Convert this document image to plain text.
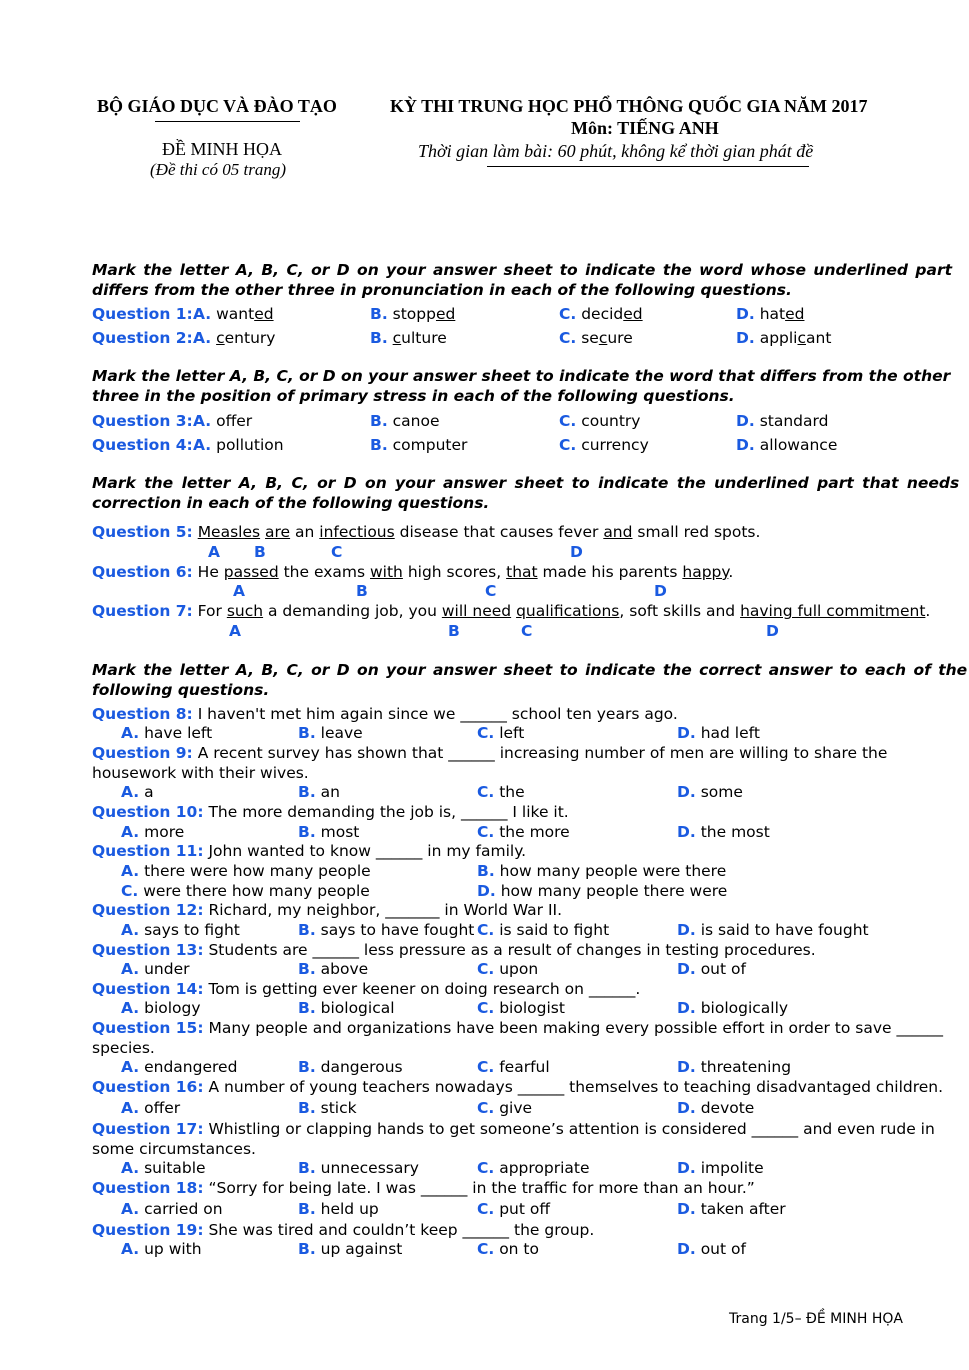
BỘ GIÁO DỤC VÀ ĐÀO TẠO	KỲ THI TRUNG HỌC PHỔ THÔNG QUỐC GIA NĂM 2017
Môn: TIẾNG ANH
ĐỀ MINH HỌA	Thời gian làm bài: 60 phút, không kể thời gian phát đề
(Đề thi có 05 trang)
Mark the letter A, B, C, or D on your answer sheet to indicate the word whose underlined part
differs from the other three in pronunciation in each of the following questions.
Question 1: A. wanted	B. stopped	C. decided	D. hated
Question 2: A. century	B. culture	C. secure	D. applicant
Mark the letter A, B, C, or D on your answer sheet to indicate the word that differs from the other
three in the position of primary stress in each of the following questions.
Question 3: A. offer	B. canoe	C. country	D. standard
Question 4: A. pollution	B. computer	C. currency	D. allowance
Mark the letter A, B, C, or D on your answer sheet to indicate the underlined part that needs
correction in each of the following questions.
Question 5: Measles are an infectious disease that causes fever and small red spots.
A B	C	D
Question 6: He passed the exams with high scores, that made his parents happy.
A	B	C	D
Question 7: For such a demanding job, you will need qualifications, soft skills and having full commitment.
A	B	C	D
Mark the letter A, B, C, or D on your answer sheet to indicate the correct answer to each of the
following questions.
Question 8: I haven't met him again since we ______ school ten years ago.
A. have left	B. leave	C. left	D. had left
Question 9: A recent survey has shown that ______ increasing number of men are willing to share the
housework with their wives.
A. a	B. an	C. the	D. some
Question 10: The more demanding the job is, ______ I like it.
A. more	B. most	C. the more	D. the most
Question 11: John wanted to know ______ in my family.
A. there were how many people	B. how many people were there
C. were there how many people	D. how many people there were
Question 12: Richard, my neighbor, _______ in World War II.
A. says to fight	B. says to have fought C. is said to fight	D. is said to have fought
Question 13: Students are ______ less pressure as a result of changes in testing procedures.
A. under	B. above	C. upon	D. out of
Question 14: Tom is getting ever keener on doing research on ______.
A. biology	B. biological	C. biologist	D. biologically
Question 15: Many people and organizations have been making every possible effort in order to save ______
species.
A. endangered	B. dangerous	C. fearful	D. threatening
Question 16: A number of young teachers nowadays ______ themselves to teaching disadvantaged children.
A. offer	B. stick	C. give	D. devote
Question 17: Whistling or clapping hands to get someone’s attention is considered ______ and even rude in
some circumstances.
A. suitable	B. unnecessary	C. appropriate	D. impolite
Question 18: “Sorry for being late. I was ______ in the traffic for more than an hour.”
A. carried on	B. held up	C. put off	D. taken after
Question 19: She was tired and couldn’t keep ______ the group.
A. up with	B. up against	C. on to	D. out of
Trang 1/5– ĐỀ MINH HỌA
